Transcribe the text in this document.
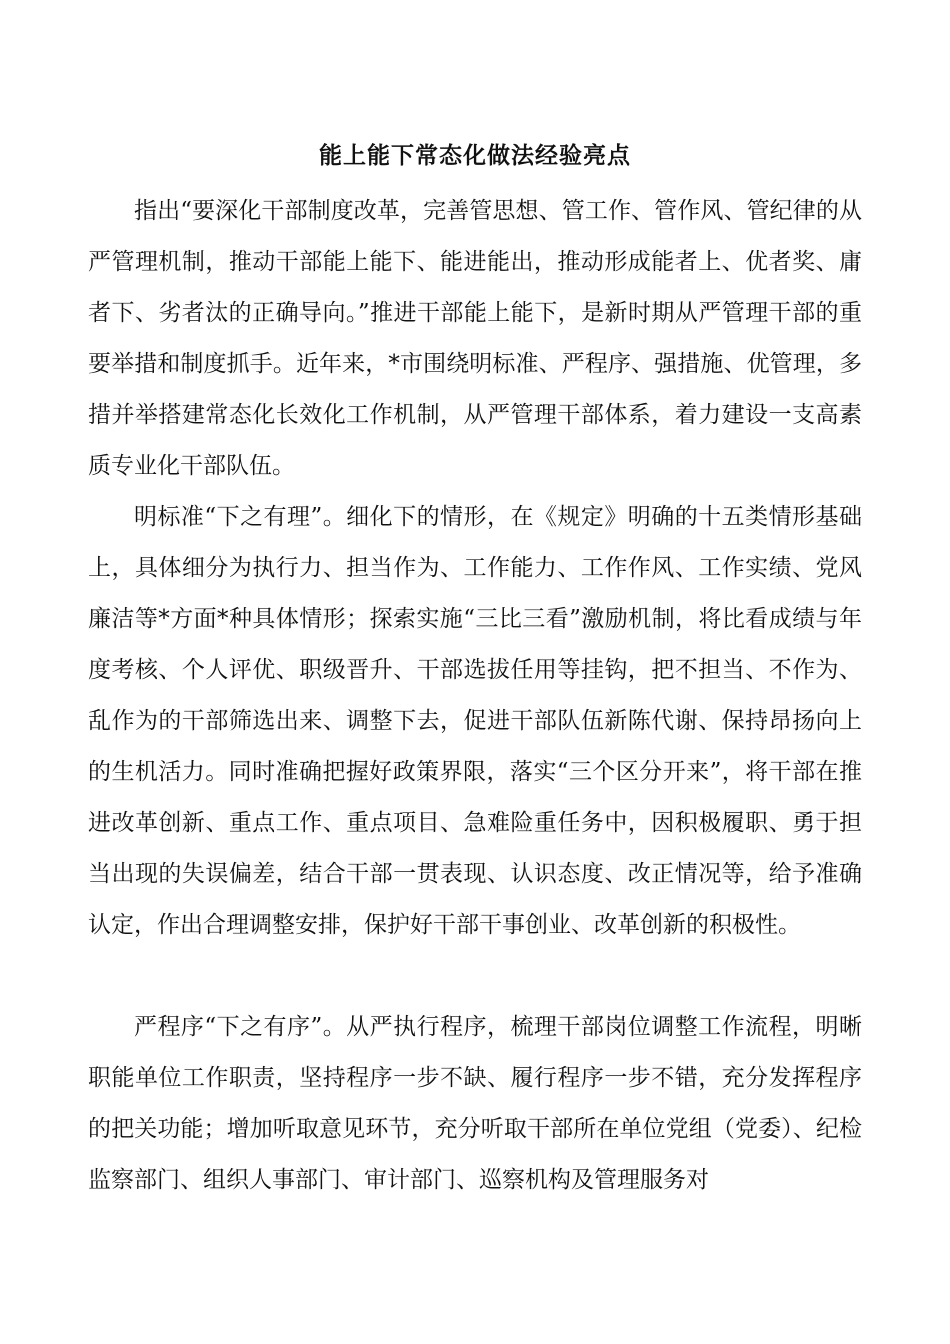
能上能下常态化做法经验亮点

指出“要深化干部制度改革，完善管思想、管工作、管作风、管纪律的从严管理机制，推动干部能上能下、能进能出，推动形成能者上、优者奖、庸者下、劣者汰的正确导向。”推进干部能上能下，是新时期从严管理干部的重要举措和制度抓手。近年来，*市围绕明标准、严程序、强措施、优管理，多措并举搭建常态化长效化工作机制，从严管理干部体系，着力建设一支高素质专业化干部队伍。

明标准“下之有理”。细化下的情形，在《规定》明确的十五类情形基础上，具体细分为执行力、担当作为、工作能力、工作作风、工作实绩、党风廉洁等*方面*种具体情形；探索实施“三比三看”激励机制，将比看成绩与年度考核、个人评优、职级晋升、干部选拔任用等挂钩，把不担当、不作为、乱作为的干部筛选出来、调整下去，促进干部队伍新陈代谢、保持昂扬向上的生机活力。同时准确把握好政策界限，落实“三个区分开来”，将干部在推进改革创新、重点工作、重点项目、急难险重任务中，因积极履职、勇于担当出现的失误偏差，结合干部一贯表现、认识态度、改正情况等，给予准确认定，作出合理调整安排，保护好干部干事创业、改革创新的积极性。

严程序“下之有序”。从严执行程序，梳理干部岗位调整工作流程，明晰职能单位工作职责，坚持程序一步不缺、履行程序一步不错，充分发挥程序的把关功能；增加听取意见环节，充分听取干部所在单位党组（党委）、纪检监察部门、组织人事部门、审计部门、巡察机构及管理服务对
